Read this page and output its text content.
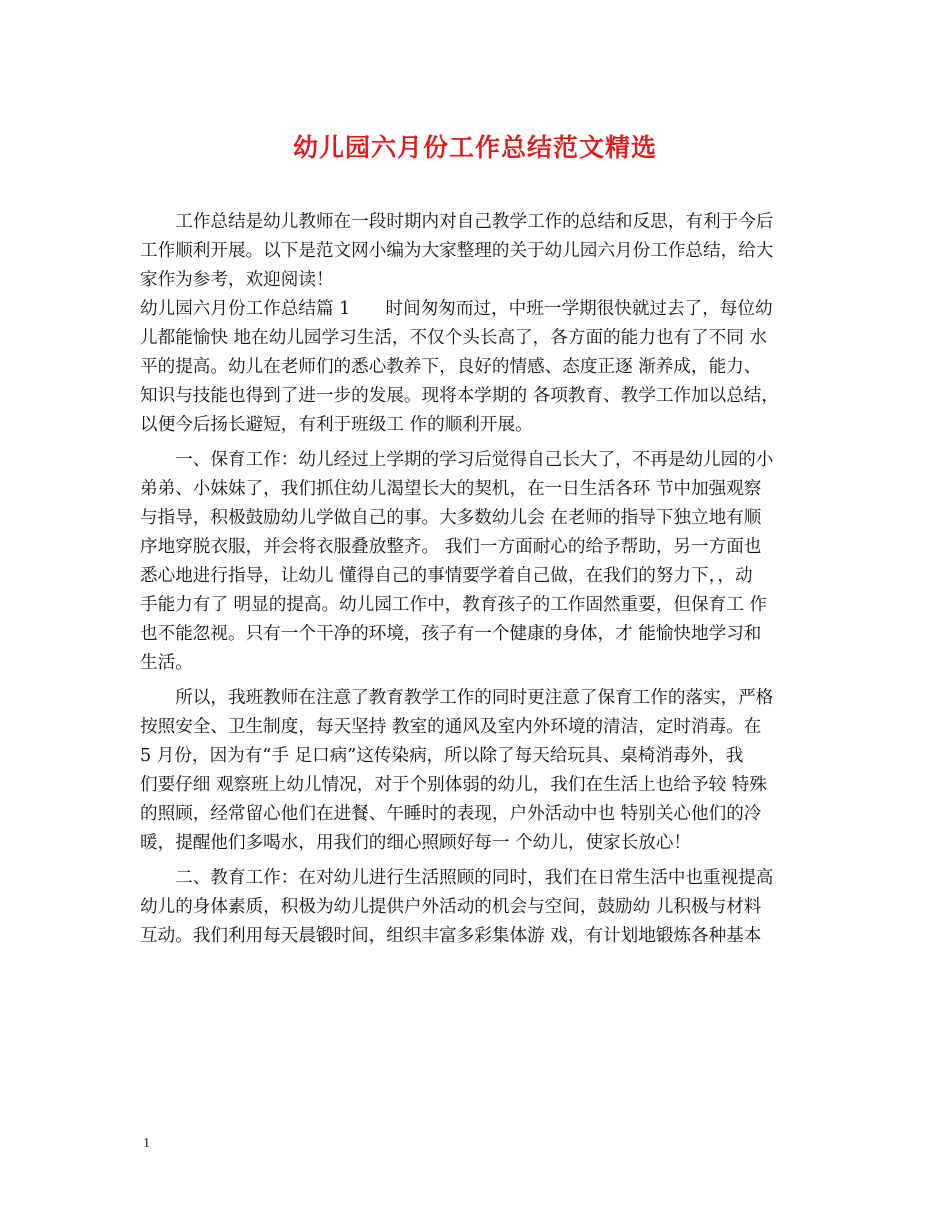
幼儿园六月份工作总结范文精选
　　工作总结是幼儿教师在一段时期内对自己教学工作的总结和反思，有利于今后
工作顺利开展。以下是范文网小编为大家整理的关于幼儿园六月份工作总结，给大
家作为参考，欢迎阅读！
幼儿园六月份工作总结篇 1　　时间匆匆而过，中班一学期很快就过去了，每位幼
儿都能愉快 地在幼儿园学习生活，不仅个头长高了，各方面的能力也有了不同 水
平的提高。幼儿在老师们的悉心教养下，良好的情感、态度正逐 渐养成，能力、
知识与技能也得到了进一步的发展。现将本学期的 各项教育、教学工作加以总结，
以便今后扬长避短，有利于班级工 作的顺利开展。
　　一、保育工作：幼儿经过上学期的学习后觉得自己长大了，不再是幼儿园的小
弟弟、小妹妹了，我们抓住幼儿渴望长大的契机，在一日生活各环 节中加强观察
与指导，积极鼓励幼儿学做自己的事。大多数幼儿会 在老师的指导下独立地有顺
序地穿脱衣服，并会将衣服叠放整齐。 我们一方面耐心的给予帮助，另一方面也
悉心地进行指导，让幼儿 懂得自己的事情要学着自己做，在我们的努力下，，动
手能力有了 明显的提高。幼儿园工作中，教育孩子的工作固然重要，但保育工 作
也不能忽视。只有一个干净的环境，孩子有一个健康的身体，才 能愉快地学习和
生活。
　　所以，我班教师在注意了教育教学工作的同时更注意了保育工作的落实，严格
按照安全、卫生制度，每天坚持 教室的通风及室内外环境的清洁，定时消毒。在
5 月份，因为有“手 足口病”这传染病，所以除了每天给玩具、桌椅消毒外，我
们要仔细 观察班上幼儿情况，对于个别体弱的幼儿，我们在生活上也给予较 特殊
的照顾，经常留心他们在进餐、午睡时的表现，户外活动中也 特别关心他们的冷
暖，提醒他们多喝水，用我们的细心照顾好每一 个幼儿，使家长放心！
　　二、教育工作：在对幼儿进行生活照顾的同时，我们在日常生活中也重视提高
幼儿的身体素质，积极为幼儿提供户外活动的机会与空间，鼓励幼 儿积极与材料
互动。我们利用每天晨锻时间，组织丰富多彩集体游 戏，有计划地锻炼各种基本
1
